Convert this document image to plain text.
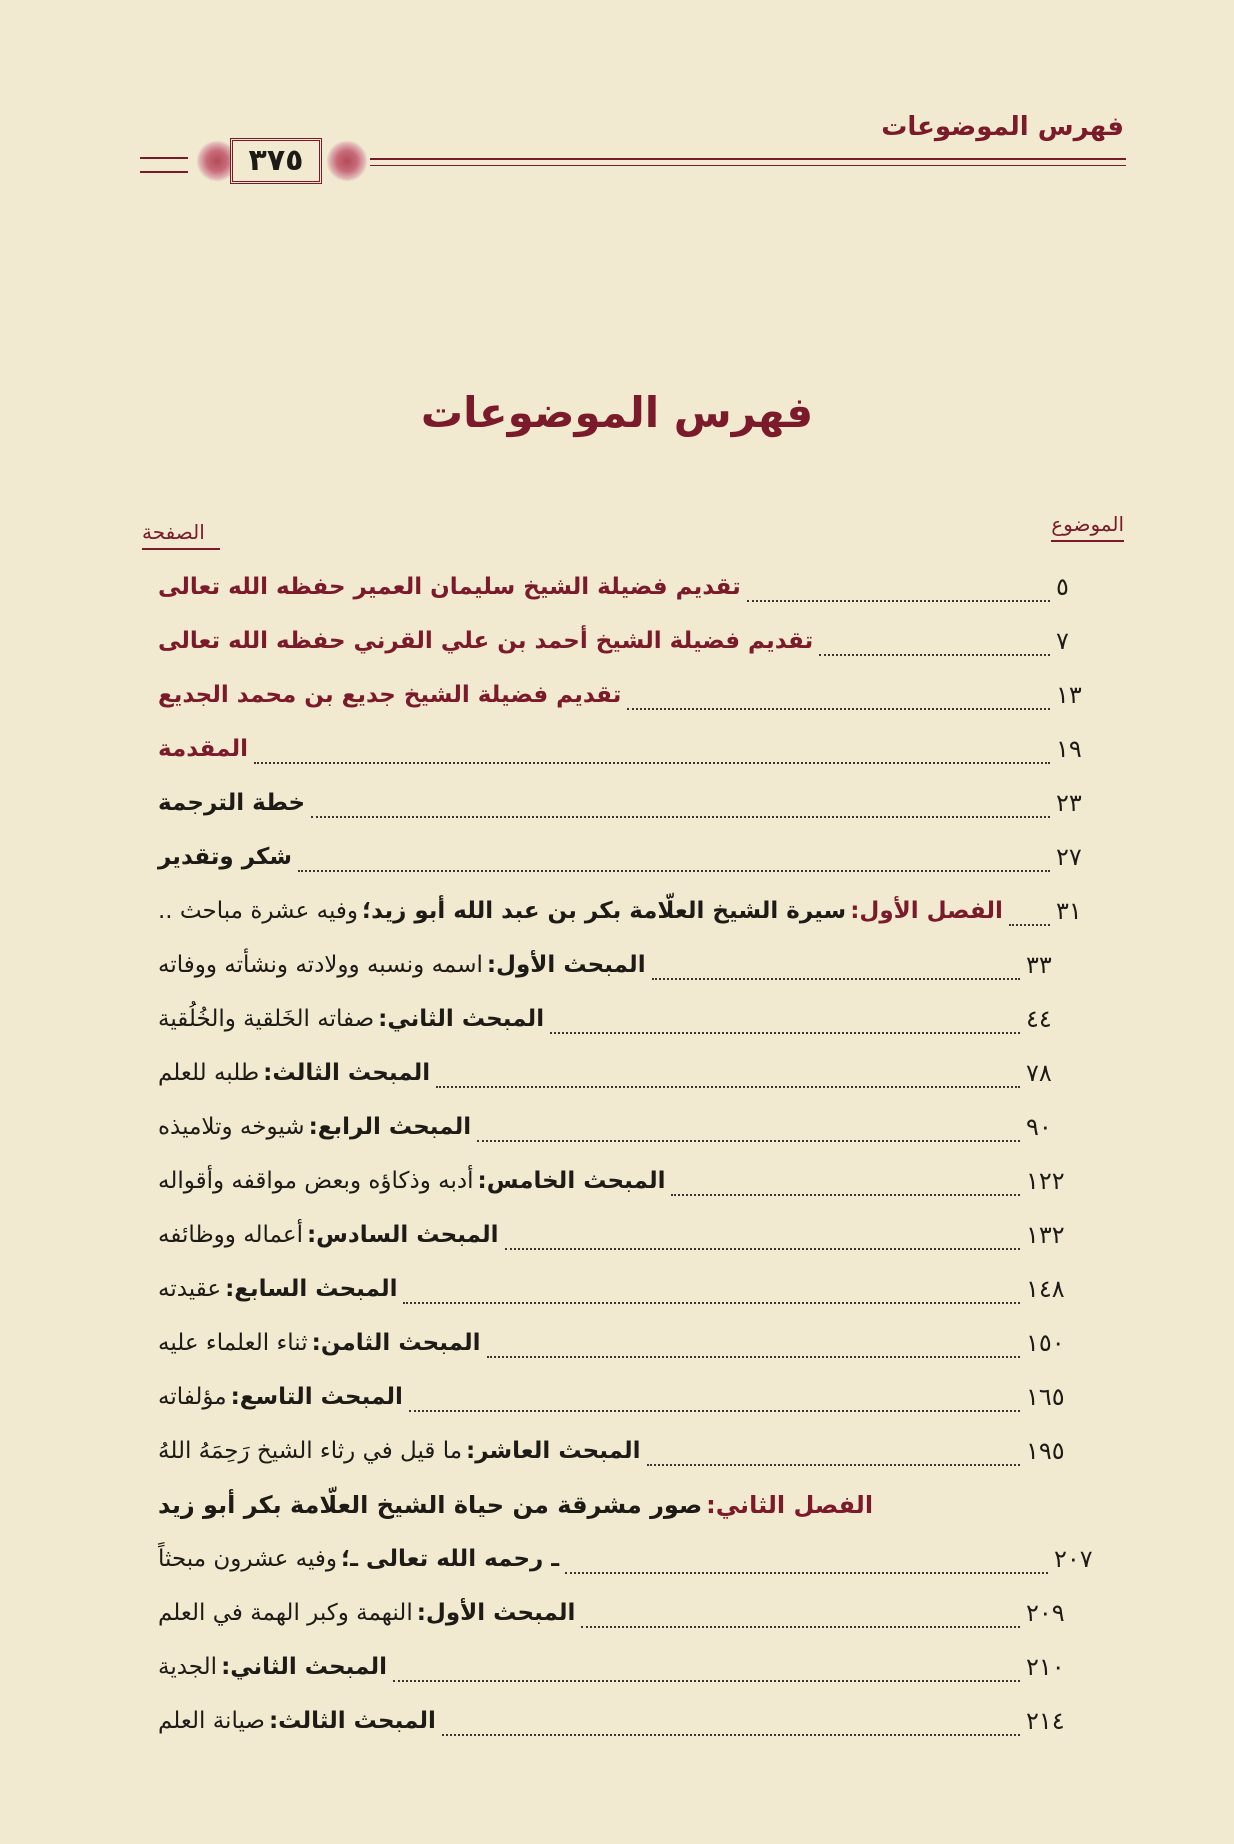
فهرس الموضوعات
٣٧٥
فهرس الموضوعات
الموضوع
الصفحة
تقديم فضيلة الشيخ سليمان العمير حفظه الله تعالى	٥
تقديم فضيلة الشيخ أحمد بن علي القرني حفظه الله تعالى	٧
تقديم فضيلة الشيخ جديع بن محمد الجديع	١٣
المقدمة	١٩
خطة الترجمة	٢٣
شكر وتقدير	٢٧
الفصل الأول:
سيرة الشيخ العلّامة بكر بن عبد الله أبو زيد؛
وفيه عشرة مباحث ..	٣١
المبحث الأول:
اسمه ونسبه وولادته ونشأته ووفاته	٣٣
المبحث الثاني:
صفاته الخَلقية والخُلُقية	٤٤
المبحث الثالث:
طلبه للعلم	٧٨
المبحث الرابع:
شيوخه وتلاميذه	٩٠
المبحث الخامس:
أدبه وذكاؤه وبعض مواقفه وأقواله	١٢٢
المبحث السادس:
أعماله ووظائفه	١٣٢
المبحث السابع:
عقيدته	١٤٨
المبحث الثامن:
ثناء العلماء عليه	١٥٠
المبحث التاسع:
مؤلفاته	١٦٥
المبحث العاشر:
ما قيل في رثاء الشيخ رَحِمَهُ اللهُ	١٩٥
الفصل الثاني:
صور مشرقة من حياة الشيخ العلّامة بكر أبو زيد
ـ رحمه الله تعالى ـ؛
وفيه عشرون مبحثاً	٢٠٧
المبحث الأول:
النهمة وكبر الهمة في العلم	٢٠٩
المبحث الثاني:
الجدية	٢١٠
المبحث الثالث:
صيانة العلم	٢١٤
